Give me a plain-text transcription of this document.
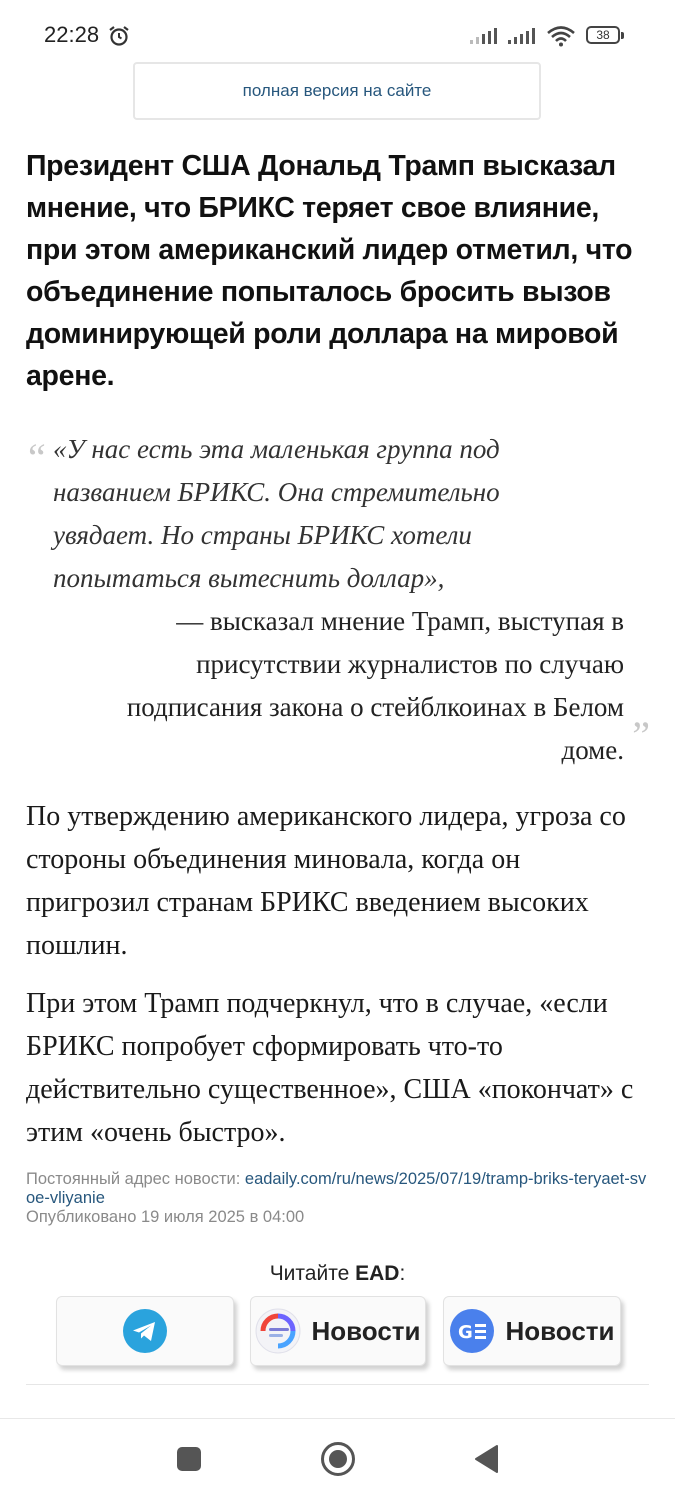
22:28	38
полная версия на сайте
Президент США Дональд Трамп высказал мнение, что БРИКС теряет свое влияние, при этом американский лидер отметил, что объединение попыталось бросить вызов доминирующей роли доллара на мировой арене.
“ «У нас есть эта маленькая группа под названием БРИКС. Она стремительно увядает. Но страны БРИКС хотели попытаться вытеснить доллар»,
— высказал мнение Трамп, выступая в присутствии журналистов по случаю подписания закона о стейблкоинах в Белом доме. ”
По утверждению американского лидера, угроза со стороны объединения миновала, когда он пригрозил странам БРИКС введением высоких пошлин.
При этом Трамп подчеркнул, что в случае, «если БРИКС попробует сформировать что-то действительно существенное», США «покончат» с этим «очень быстро».
Постоянный адрес новости: eadaily.com/ru/news/2025/07/19/tramp-briks-teryaet-svoe-vliyanie
Опубликовано 19 июля 2025 в 04:00
Читайте EAD:
Новости G Новости
